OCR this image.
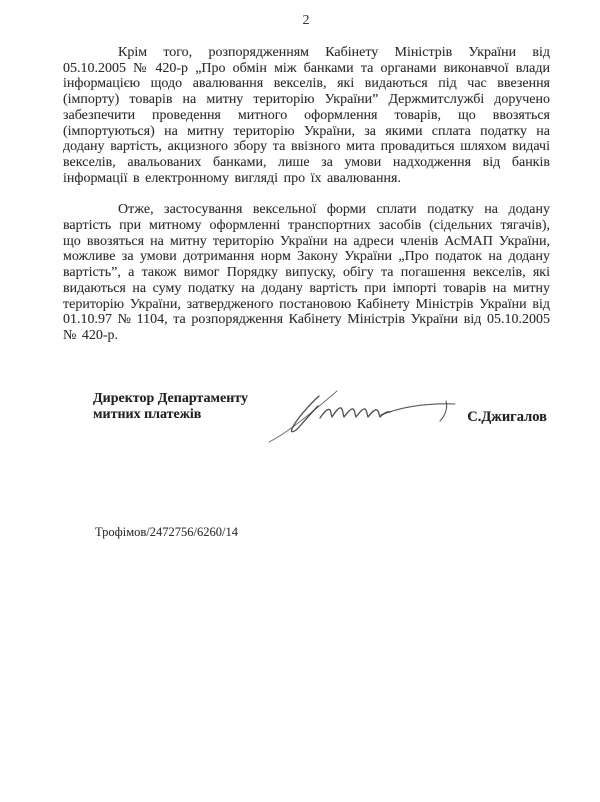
2

Крім того, розпорядженням Кабінету Міністрів України від 05.10.2005 № 420-р „Про обмін між банками та органами виконавчої влади інформацією щодо авалювання векселів, які видаються під час ввезення (імпорту) товарів на митну територію України” Держмитслужбі доручено забезпечити проведення митного оформлення товарів, що ввозяться (імпортуються) на митну територію України, за якими сплата податку на додану вартість, акцизного збору та ввізного мита провадиться шляхом видачі векселів, авальованих банками, лише за умови надходження від банків інформації в електронному вигляді про їх авалювання.

Отже, застосування вексельної форми сплати податку на додану вартість при митному оформленні транспортних засобів (сідельних тягачів), що ввозяться на митну територію України на адреси членів АсМАП України, можливе за умови дотримання норм Закону України „Про податок на додану вартість”, а також вимог Порядку випуску, обігу та погашення векселів, які видаються на суму податку на додану вартість при імпорті товарів на митну територію України, затвердженого постановою Кабінету Міністрів України від 01.10.97 № 1104, та розпорядження Кабінету Міністрів України від 05.10.2005 № 420-р.

Директор Департаменту
митних платежів	С.Джигалов
Трофімов/2472756/6260/14
